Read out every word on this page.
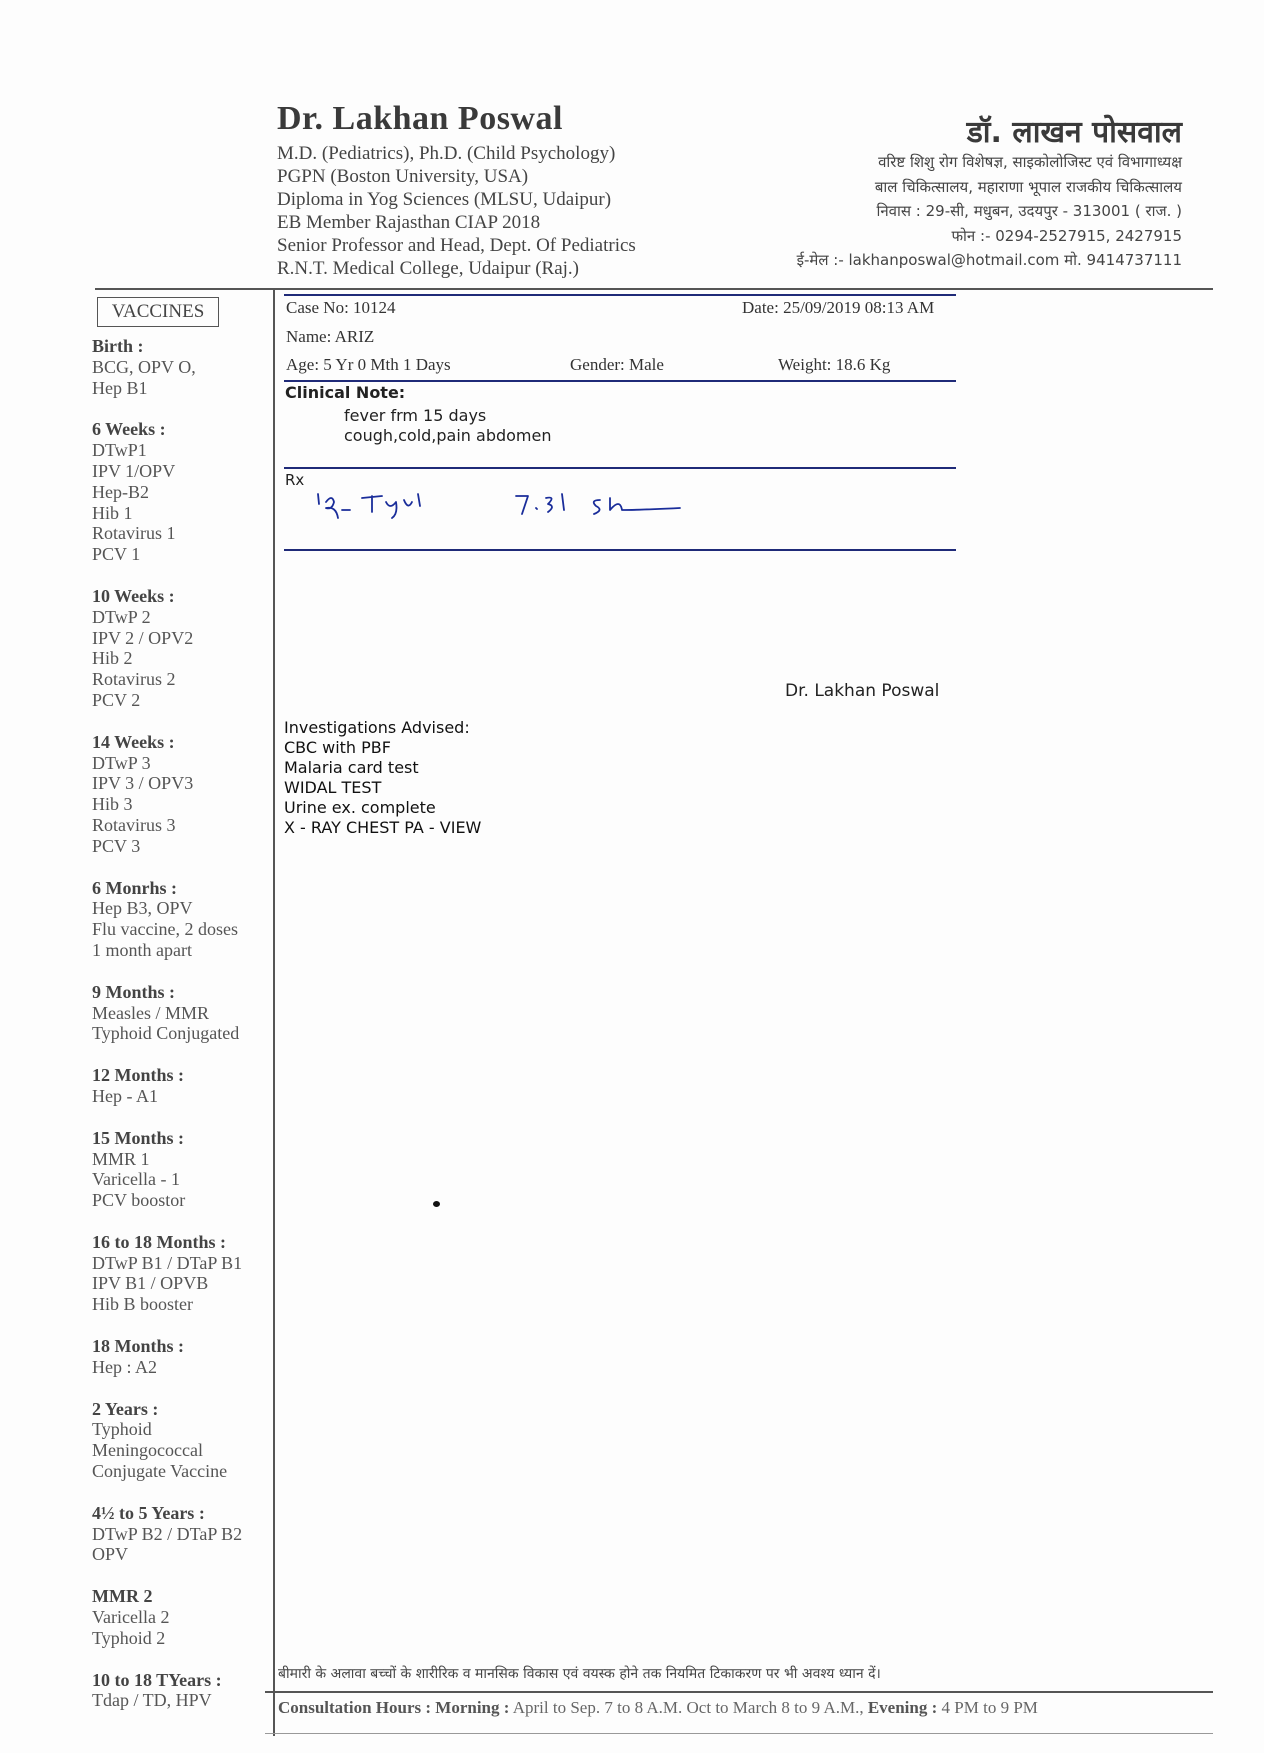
Dr. Lakhan Poswal
M.D. (Pediatrics), Ph.D. (Child Psychology)
PGPN (Boston University, USA)
Diploma in Yog Sciences (MLSU, Udaipur)
EB Member Rajasthan CIAP 2018
Senior Professor and Head, Dept. Of Pediatrics
R.N.T. Medical College, Udaipur (Raj.)
डॉ. लाखन पोसवाल
वरिष्ट शिशु रोग विशेषज्ञ, साइकोलोजिस्ट एवं विभागाध्यक्ष
बाल चिकित्सालय, महाराणा भूपाल राजकीय चिकित्सालय
निवास : 29-सी, मधुबन, उदयपुर - 313001 ( राज. )
फोन :- 0294-2527915, 2427915
ई-मेल :- lakhanposwal@hotmail.com मो. 9414737111
VACCINES
Birth :
BCG, OPV O,
Hep B1
6 Weeks :
DTwP1
IPV 1/OPV
Hep-B2
Hib 1
Rotavirus 1
PCV 1
10 Weeks :
DTwP 2
IPV 2 / OPV2
Hib 2
Rotavirus 2
PCV 2
14 Weeks :
DTwP 3
IPV 3 / OPV3
Hib 3
Rotavirus 3
PCV 3
6 Monrhs :
Hep B3, OPV
Flu vaccine, 2 doses
1 month apart
9 Months :
Measles / MMR
Typhoid Conjugated
12 Months :
Hep - A1
15 Months :
MMR 1
Varicella - 1
PCV boostor
16 to 18 Months :
DTwP B1 / DTaP B1
IPV B1 / OPVB
Hib B booster
18 Months :
Hep : A2
2 Years :
Typhoid
Meningococcal
Conjugate Vaccine
4½ to 5 Years :
DTwP B2 / DTaP B2
OPV
MMR 2
Varicella 2
Typhoid 2
10 to 18 TYears :
Tdap / TD, HPV
Case No: 10124	Date: 25/09/2019 08:13 AM
Name: ARIZ
Age: 5 Yr 0 Mth 1 Days	Gender: Male	Weight: 18.6 Kg
Clinical Note:
fever frm 15 days
cough,cold,pain abdomen
Rx
Dr. Lakhan Poswal
Investigations Advised:
CBC with PBF
Malaria card test
WIDAL TEST
Urine ex. complete
X - RAY CHEST PA - VIEW
बीमारी के अलावा बच्चों के शारीरिक व मानसिक विकास एवं वयस्क होने तक नियमित टिकाकरण पर भी अवश्य ध्यान दें।
Consultation Hours : Morning : April to Sep. 7 to 8 A.M. Oct to March 8 to 9 A.M., Evening : 4 PM to 9 PM
